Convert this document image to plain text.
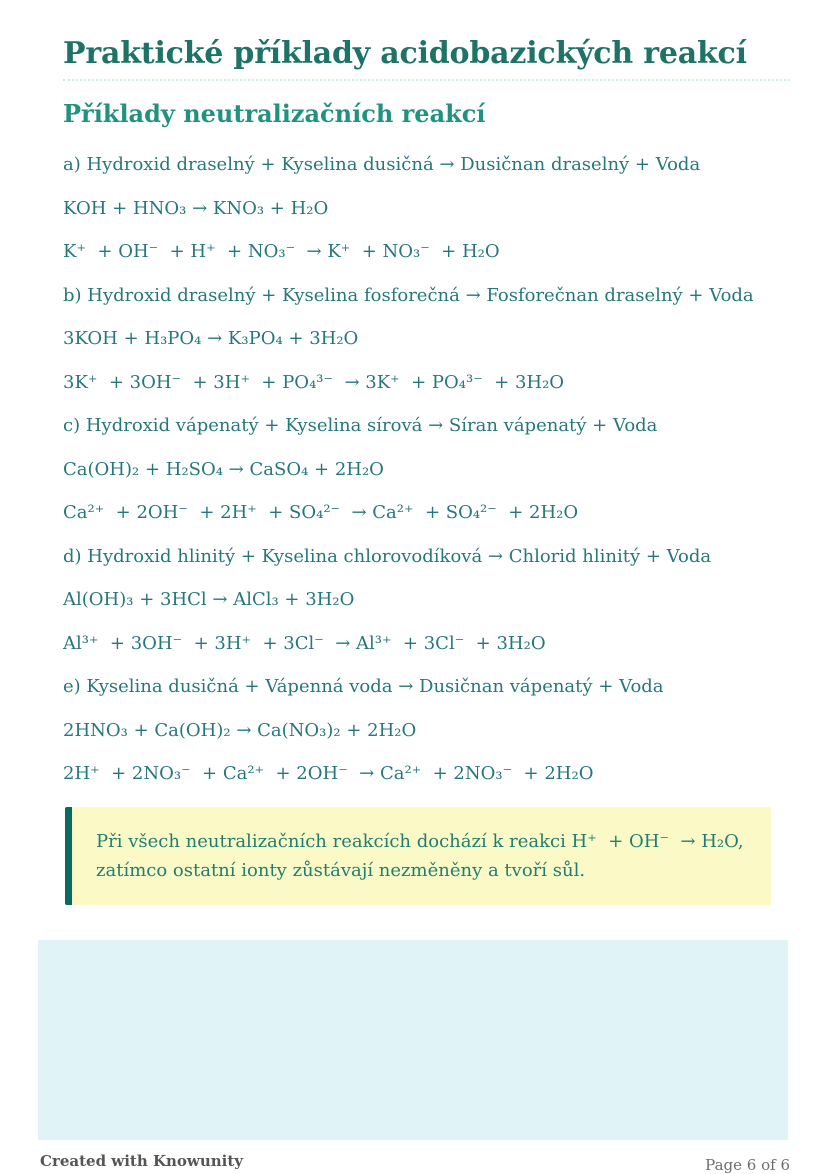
Praktické příklady acidobazických reakcí
Příklady neutralizačních reakcí

a) Hydroxid draselný + Kyselina dusičná → Dusičnan draselný + Voda

KOH + HNO₃ → KNO₃ + H₂O

K⁺  + OH⁻  + H⁺  + NO₃⁻  → K⁺  + NO₃⁻  + H₂O

b) Hydroxid draselný + Kyselina fosforečná → Fosforečnan draselný + Voda

3KOH + H₃PO₄ → K₃PO₄ + 3H₂O

3K⁺  + 3OH⁻  + 3H⁺  + PO₄³⁻  → 3K⁺  + PO₄³⁻  + 3H₂O

c) Hydroxid vápenatý + Kyselina sírová → Síran vápenatý + Voda

Ca(OH)₂ + H₂SO₄ → CaSO₄ + 2H₂O

Ca²⁺  + 2OH⁻  + 2H⁺  + SO₄²⁻  → Ca²⁺  + SO₄²⁻  + 2H₂O

d) Hydroxid hlinitý + Kyselina chlorovodíková → Chlorid hlinitý + Voda

Al(OH)₃ + 3HCl → AlCl₃ + 3H₂O

Al³⁺  + 3OH⁻  + 3H⁺  + 3Cl⁻  → Al³⁺  + 3Cl⁻  + 3H₂O

e) Kyselina dusičná + Vápenná voda → Dusičnan vápenatý + Voda

2HNO₃ + Ca(OH)₂ → Ca(NO₃)₂ + 2H₂O

2H⁺  + 2NO₃⁻  + Ca²⁺  + 2OH⁻  → Ca²⁺  + 2NO₃⁻  + 2H₂O

Při všech neutralizačních reakcích dochází k reakci H⁺  + OH⁻  → H₂O, zatímco ostatní ionty zůstávají nezměněny a tvoří sůl.

Created with Knowunity	Page 6 of 6
